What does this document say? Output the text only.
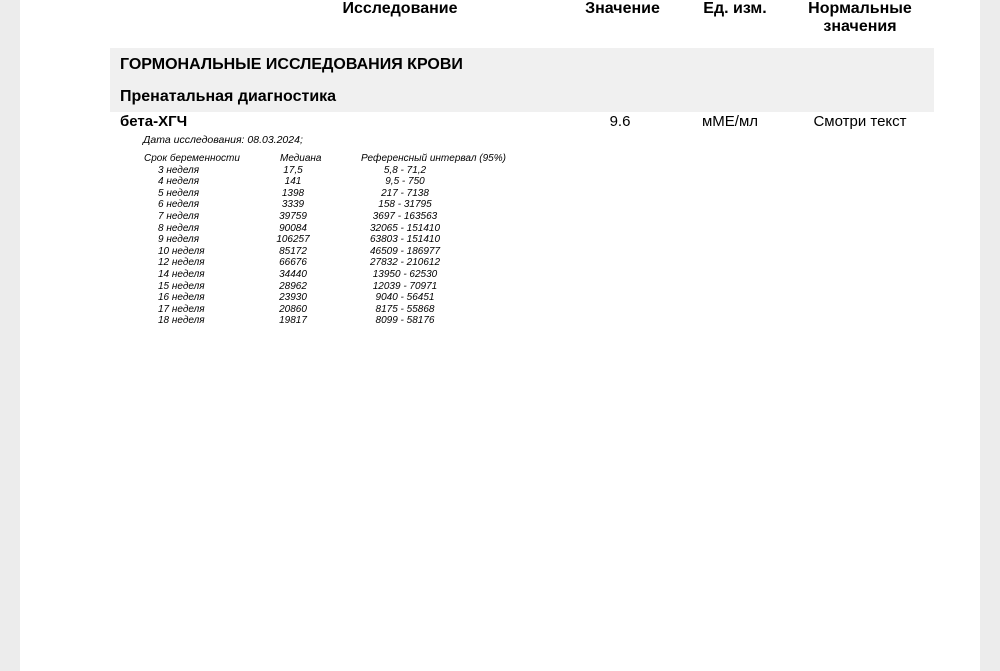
Исследование	Значение	Ед. изм.	Нормальные
значения
ГОРМОНАЛЬНЫЕ ИССЛЕДОВАНИЯ КРОВИ
Пренатальная диагностика
бета-ХГЧ	9.6	мМЕ/мл	Смотри текст
Дата исследования: 08.03.2024;
Срок беременности	Медиана	Референсный интервал (95%)
3 неделя	17,5	5,8 - 71,2
4 неделя	141	9,5 - 750
5 неделя	1398	217 - 7138
6 неделя	3339	158 - 31795
7 неделя	39759	3697 - 163563
8 неделя	90084	32065 - 151410
9 неделя	106257	63803 - 151410
10 неделя	85172	46509 - 186977
12 неделя	66676	27832 - 210612
14 неделя	34440	13950 - 62530
15 неделя	28962	12039 - 70971
16 неделя	23930	9040 - 56451
17 неделя	20860	8175 - 55868
18 неделя	19817	8099 - 58176
